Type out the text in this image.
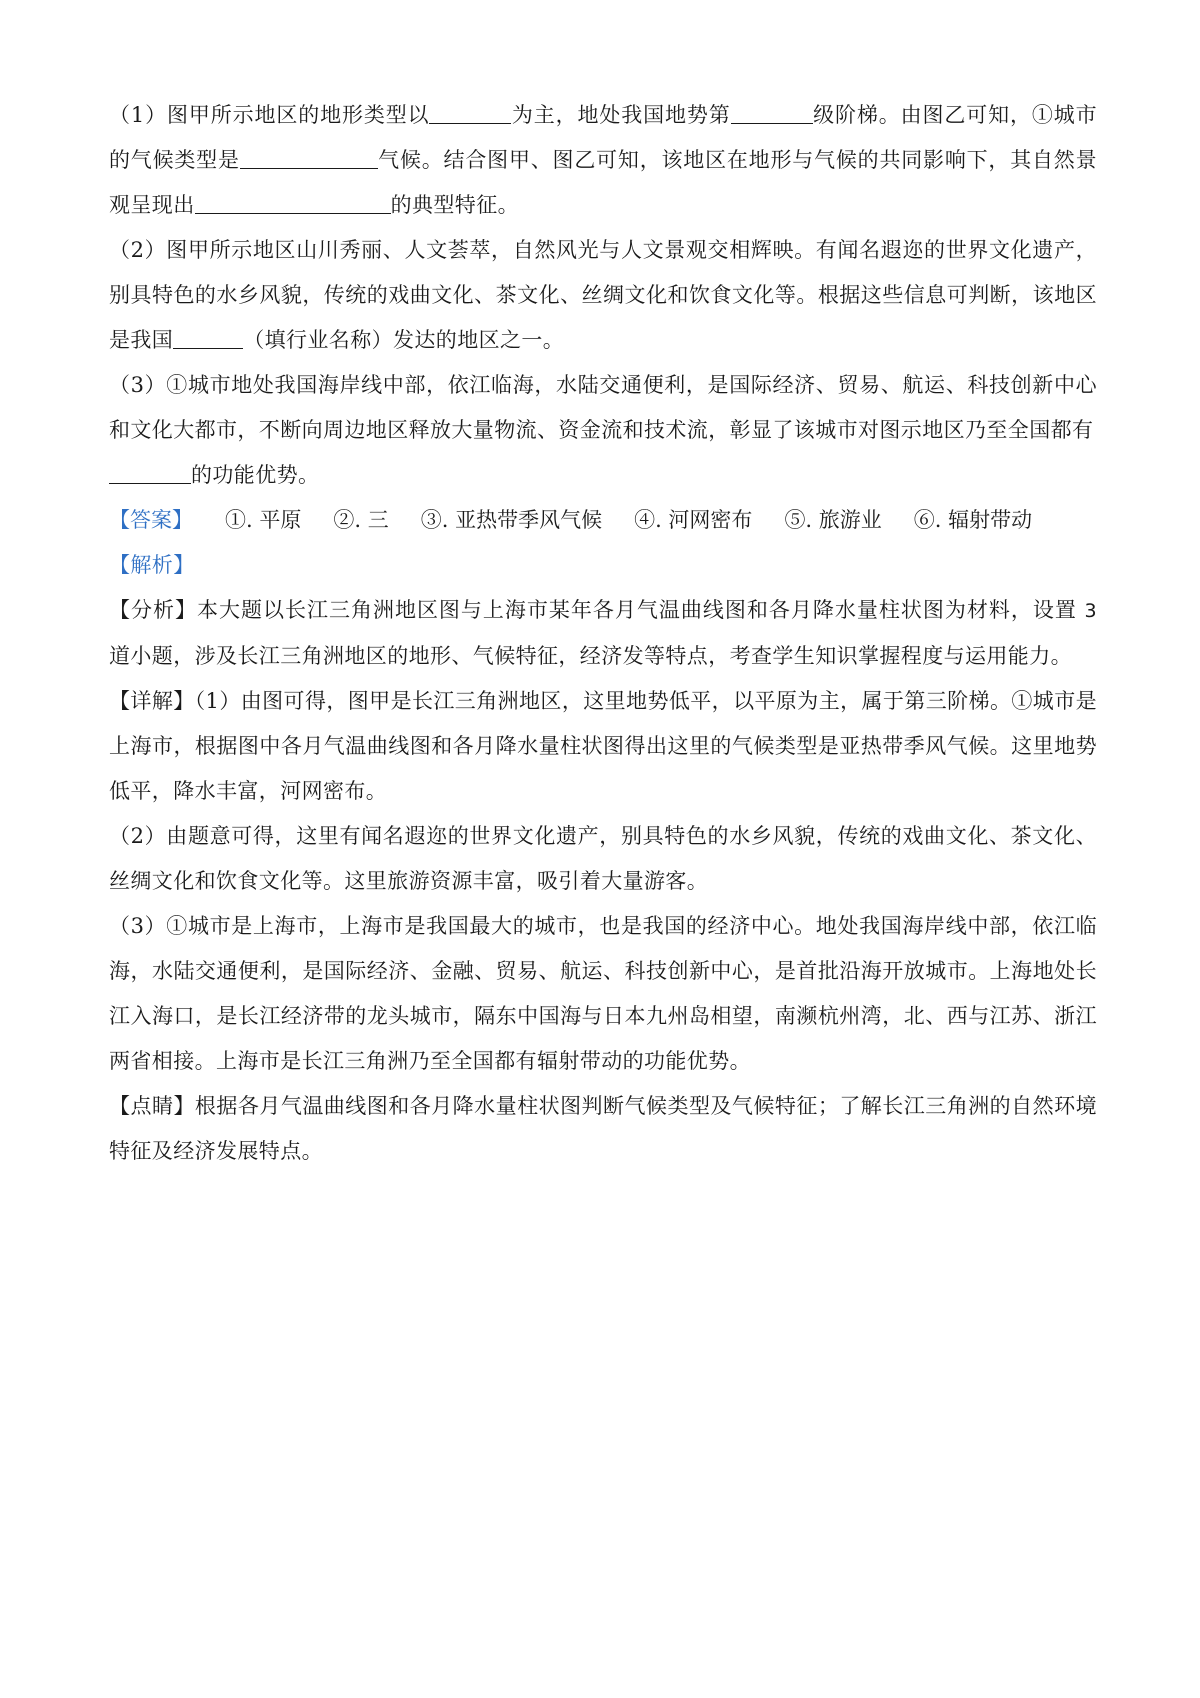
（1）图甲所示地区的地形类型以	为主，地处我国地势第	级阶梯。由图乙可知，①城市的气候类型是	气候。结合图甲、图乙可知，该地区在地形与气候的共同影响下，其自然景观呈现出	的典型特征。

（2）图甲所示地区山川秀丽、人文荟萃，自然风光与人文景观交相辉映。有闻名遐迩的世界文化遗产，别具特色的水乡风貌，传统的戏曲文化、茶文化、丝绸文化和饮食文化等。根据这些信息可判断，该地区是我国	（填行业名称）发达的地区之一。

（3）①城市地处我国海岸线中部，依江临海，水陆交通便利，是国际经济、贸易、航运、科技创新中心和文化大都市，不断向周边地区释放大量物流、资金流和技术流，彰显了该城市对图示地区乃至全国都有
的功能优势。

【答案】 ①. 平原 ②. 三 ③. 亚热带季风气候 ④. 河网密布 ⑤. 旅游业 ⑥. 辐射带动

【解析】

【分析】本大题以长江三角洲地区图与上海市某年各月气温曲线图和各月降水量柱状图为材料，设置 3 道小题，涉及长江三角洲地区的地形、气候特征，经济发等特点，考查学生知识掌握程度与运用能力。

【详解】（1）由图可得，图甲是长江三角洲地区，这里地势低平，以平原为主，属于第三阶梯。①城市是上海市，根据图中各月气温曲线图和各月降水量柱状图得出这里的气候类型是亚热带季风气候。这里地势低平，降水丰富，河网密布。

（2）由题意可得，这里有闻名遐迩的世界文化遗产，别具特色的水乡风貌，传统的戏曲文化、茶文化、丝绸文化和饮食文化等。这里旅游资源丰富，吸引着大量游客。

（3）①城市是上海市，上海市是我国最大的城市，也是我国的经济中心。地处我国海岸线中部，依江临海，水陆交通便利，是国际经济、金融、贸易、航运、科技创新中心，是首批沿海开放城市。上海地处长江入海口，是长江经济带的龙头城市，隔东中国海与日本九州岛相望，南濒杭州湾，北、西与江苏、浙江两省相接。上海市是长江三角洲乃至全国都有辐射带动的功能优势。

【点睛】根据各月气温曲线图和各月降水量柱状图判断气候类型及气候特征；了解长江三角洲的自然环境特征及经济发展特点。
